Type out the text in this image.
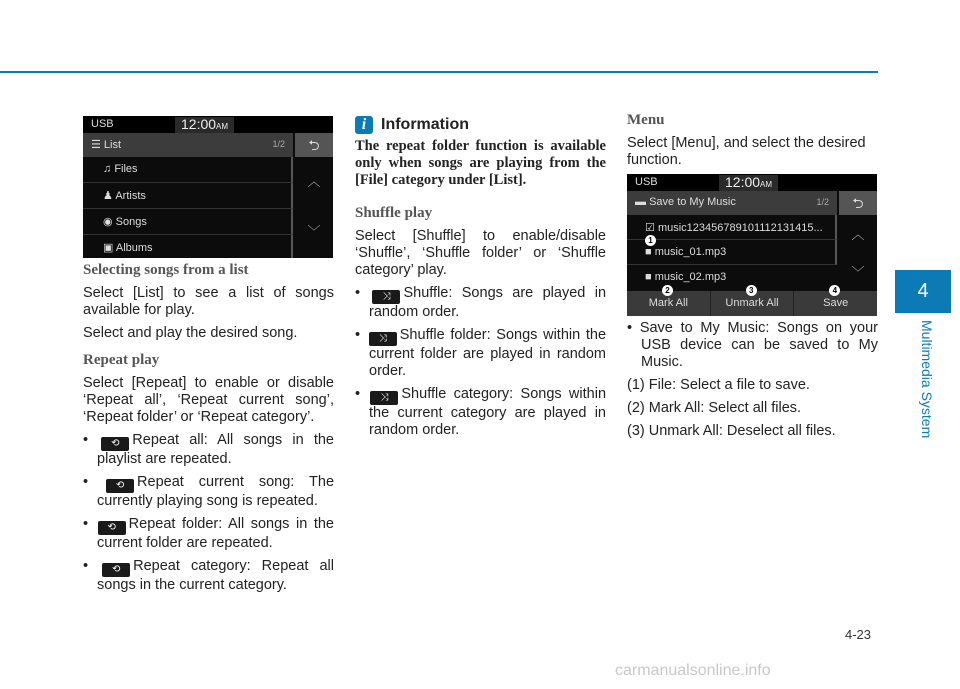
USB	12:00AM
☰ List	1/2	⮌
︿
﹀
♫ Files
♟ Artists
◉ Songs
▣ Albums
Selecting songs from a list

Select [List] to see a list of songs available for play.

Select and play the desired song.

Repeat play

Select [Repeat] to enable or disable ‘Repeat all’, ‘Repeat current song’, ‘Repeat folder’ or ‘Repeat category’.

• ⟲ Repeat all: All songs in the playlist are repeated.
• ⟲ Repeat current song: The currently playing song is repeated.
• ⟲ Repeat folder: All songs in the current folder are repeated.
• ⟲ Repeat category: Repeat all songs in the current category.
i Information

The repeat folder function is available only when songs are playing from the [File] category under [List].

Shuffle play

Select [Shuffle] to enable/disable ‘Shuffle’, ‘Shuffle folder’ or ‘Shuffle category’ play.

• ⤨ Shuffle: Songs are played in random order.
• ⤨ Shuffle folder: Songs within the current folder are played in random order.
• ⤨ Shuffle category: Songs within the current category are played in random order.
Menu

Select [Menu], and select the desired function.

USB	12:00AM
▬ Save to My Music	1/2	⮌
︿
﹀
☑ music123456789101112131415... 1
■ music_01.mp3
■ music_02.mp3
2
Mark All
3
Unmark All
4
Save
• Save to My Music: Songs on your USB device can be saved to My Music.

(1) File: Select a file to save.

(2) Mark All: Select all files.

(3) Unmark All: Deselect all files.

4
Multimedia System
4-23
carmanualsonline.info
